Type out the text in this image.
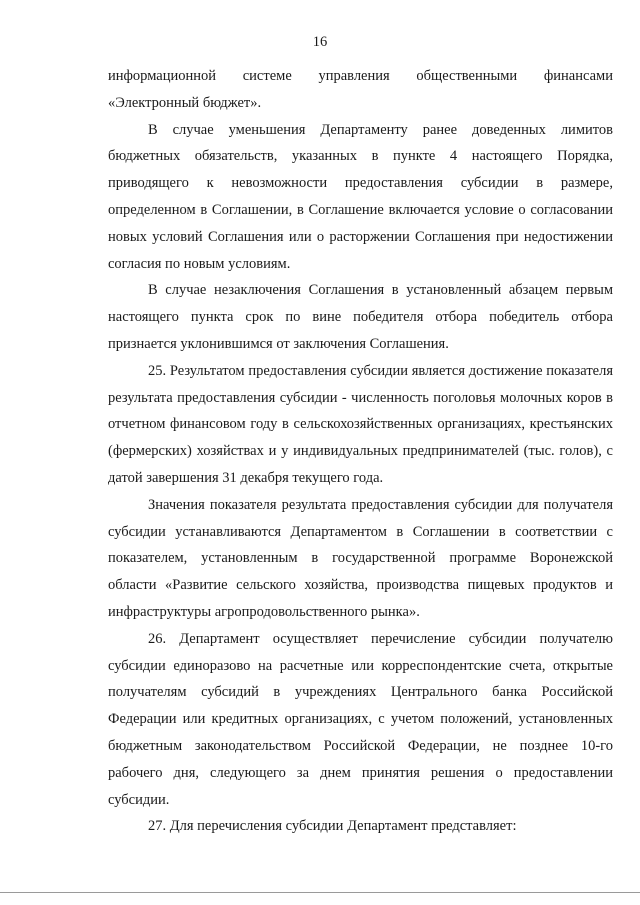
16

информационной системе управления общественными финансами «Электронный бюджет».

В случае уменьшения Департаменту ранее доведенных лимитов бюджетных обязательств, указанных в пункте 4 настоящего Порядка, приводящего к невозможности предоставления субсидии в размере, определенном в Соглашении, в Соглашение включается условие о согласовании новых условий Соглашения или о расторжении Соглашения при недостижении согласия по новым условиям.

В случае незаключения Соглашения в установленный абзацем первым настоящего пункта срок по вине победителя отбора победитель отбора признается уклонившимся от заключения Соглашения.

25. Результатом предоставления субсидии является достижение показателя результата предоставления субсидии - численность поголовья молочных коров в отчетном финансовом году в сельскохозяйственных организациях, крестьянских (фермерских) хозяйствах и у индивидуальных предпринимателей (тыс. голов), с датой завершения 31 декабря текущего года.

Значения показателя результата предоставления субсидии для получателя субсидии устанавливаются Департаментом в Соглашении в соответствии с показателем, установленным в государственной программе Воронежской области «Развитие сельского хозяйства, производства пищевых продуктов и инфраструктуры агропродовольственного рынка».

26. Департамент осуществляет перечисление субсидии получателю субсидии единоразово на расчетные или корреспондентские счета, открытые получателям субсидий в учреждениях Центрального банка Российской Федерации или кредитных организациях, с учетом положений, установленных бюджетным законодательством Российской Федерации, не позднее 10-го рабочего дня, следующего за днем принятия решения о предоставлении субсидии.

27. Для перечисления субсидии Департамент представляет:
